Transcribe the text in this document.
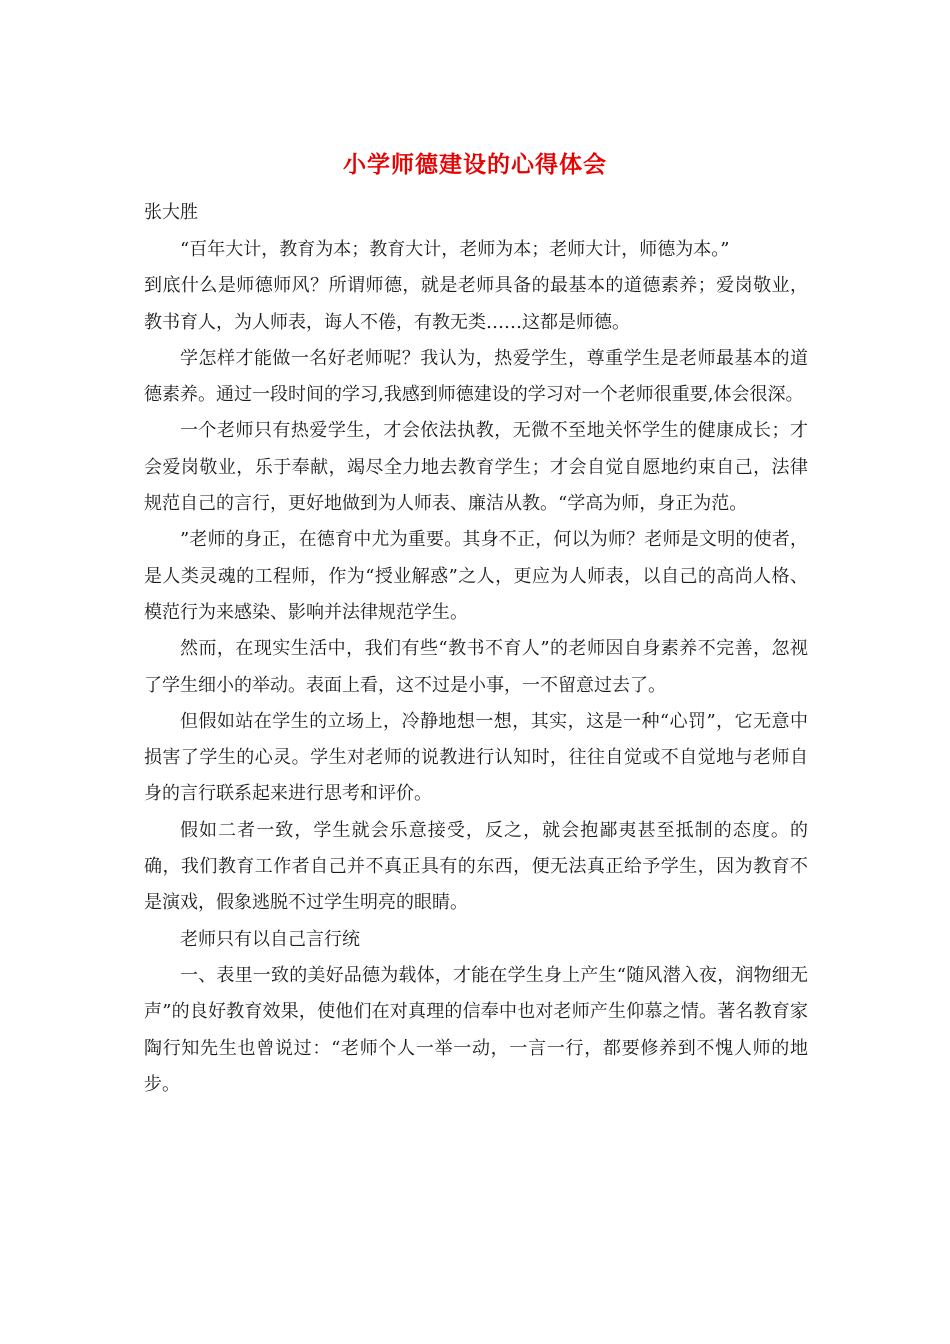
小学师德建设的心得体会
张大胜

“百年大计，教育为本；教育大计，老师为本；老师大计，师德为本。”

到底什么是师德师风？所谓师德，就是老师具备的最基本的道德素养；爱岗敬业，教书育人，为人师表，诲人不倦，有教无类……这都是师德。

学怎样才能做一名好老师呢？我认为，热爱学生，尊重学生是老师最基本的道德素养。通过一段时间的学习,我感到师德建设的学习对一个老师很重要,体会很深。

一个老师只有热爱学生，才会依法执教，无微不至地关怀学生的健康成长；才会爱岗敬业，乐于奉献，竭尽全力地去教育学生；才会自觉自愿地约束自己，法律规范自己的言行，更好地做到为人师表、廉洁从教。“学高为师，身正为范。

”老师的身正，在德育中尤为重要。其身不正，何以为师？老师是文明的使者，是人类灵魂的工程师，作为“授业解惑”之人，更应为人师表，以自己的高尚人格、模范行为来感染、影响并法律规范学生。

然而，在现实生活中，我们有些“教书不育人”的老师因自身素养不完善，忽视了学生细小的举动。表面上看，这不过是小事，一不留意过去了。

但假如站在学生的立场上，冷静地想一想，其实，这是一种“心罚”，它无意中损害了学生的心灵。学生对老师的说教进行认知时，往往自觉或不自觉地与老师自身的言行联系起来进行思考和评价。

假如二者一致，学生就会乐意接受，反之，就会抱鄙夷甚至抵制的态度。的确，我们教育工作者自己并不真正具有的东西，便无法真正给予学生，因为教育不是演戏，假象逃脱不过学生明亮的眼睛。

老师只有以自己言行统

一、表里一致的美好品德为载体，才能在学生身上产生“随风潜入夜，润物细无声”的良好教育效果，使他们在对真理的信奉中也对老师产生仰慕之情。著名教育家陶行知先生也曾说过：“老师个人一举一动，一言一行，都要修养到不愧人师的地步。
